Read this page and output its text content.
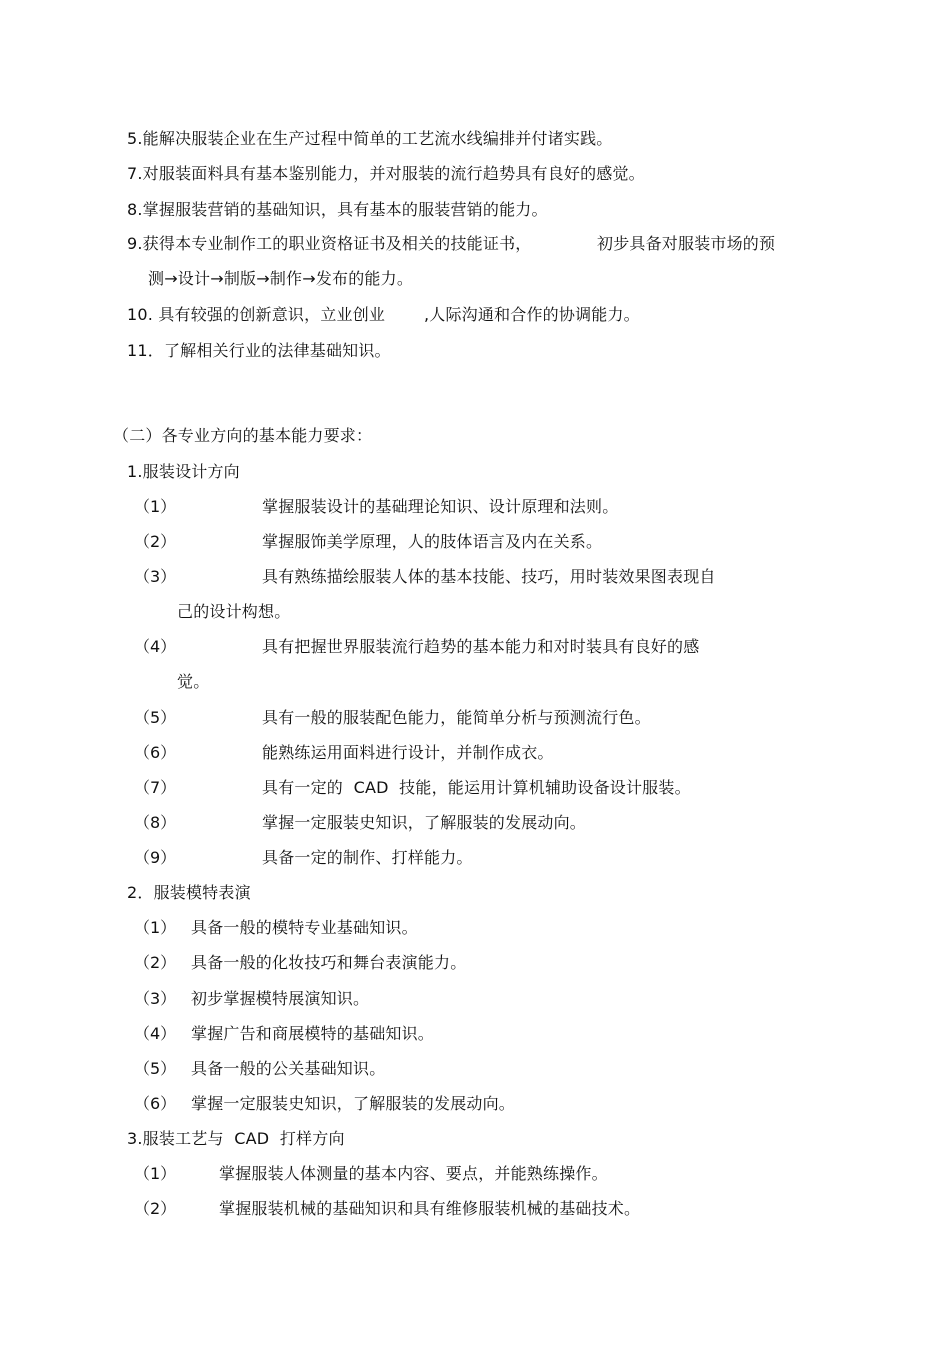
5.能解决服装企业在生产过程中简单的工艺流水线编排并付诸实践。
7.对服装面料具有基本鉴别能力，并对服装的流行趋势具有良好的感觉。
8.掌握服装营销的基础知识，具有基本的服装营销的能力。
9.获得本专业制作工的职业资格证书及相关的技能证书，	初步具备对服装市场的预
测→设计→制版→制作→发布的能力。
10. 具有较强的创新意识，立业创业 ,人际沟通和合作的协调能力。
11．了解相关行业的法律基础知识。
（二）各专业方向的基本能力要求：
1.服装设计方向
（1）	掌握服装设计的基础理论知识、设计原理和法则。
（2）	掌握服饰美学原理，人的肢体语言及内在关系。
（3）	具有熟练描绘服装人体的基本技能、技巧，用时装效果图表现自
己的设计构想。
（4）	具有把握世界服装流行趋势的基本能力和对时装具有良好的感
觉。
（5）	具有一般的服装配色能力，能简单分析与预测流行色。
（6）	能熟练运用面料进行设计，并制作成衣。
（7）	具有一定的  CAD  技能，能运用计算机辅助设备设计服装。
（8）	掌握一定服装史知识，了解服装的发展动向。
（9）	具备一定的制作、打样能力。
2．服装模特表演
（1） 具备一般的模特专业基础知识。
（2） 具备一般的化妆技巧和舞台表演能力。
（3） 初步掌握模特展演知识。
（4） 掌握广告和商展模特的基础知识。
（5） 具备一般的公关基础知识。
（6） 掌握一定服装史知识，了解服装的发展动向。
3.服装工艺与  CAD  打样方向
（1）	掌握服装人体测量的基本内容、要点，并能熟练操作。
（2）	掌握服装机械的基础知识和具有维修服装机械的基础技术。
